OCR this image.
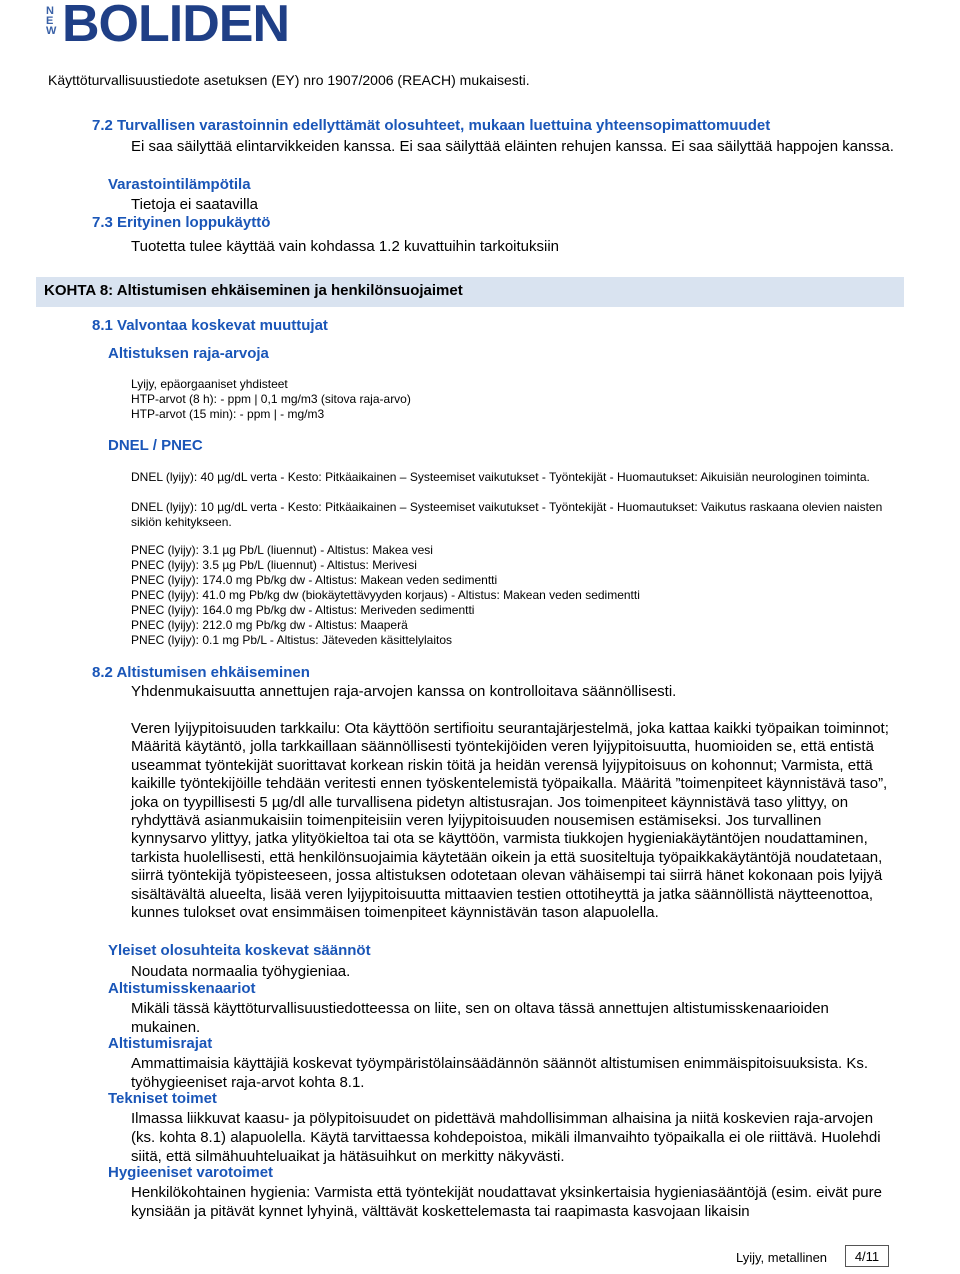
N
E
W BOLIDEN
Käyttöturvallisuustiedote asetuksen (EY) nro 1907/2006 (REACH) mukaisesti.
7.2 Turvallisen varastoinnin edellyttämät olosuhteet, mukaan luettuina yhteensopimattomuudet
Ei saa säilyttää elintarvikkeiden kanssa. Ei saa säilyttää eläinten rehujen kanssa. Ei saa säilyttää happojen kanssa.
Varastointilämpötila
Tietoja ei saatavilla
7.3 Erityinen loppukäyttö
Tuotetta tulee käyttää vain kohdassa 1.2 kuvattuihin tarkoituksiin
KOHTA 8: Altistumisen ehkäiseminen ja henkilönsuojaimet
8.1 Valvontaa koskevat muuttujat
Altistuksen raja-arvoja
Lyijy, epäorgaaniset yhdisteet
HTP-arvot (8 h): - ppm | 0,1 mg/m3 (sitova raja-arvo)
HTP-arvot (15 min): - ppm | - mg/m3
DNEL / PNEC
DNEL (lyijy): 40 µg/dL verta - Kesto: Pitkäaikainen – Systeemiset vaikutukset - Työntekijät - Huomautukset: Aikuisiän neurologinen toiminta.
DNEL (lyijy): 10 µg/dL verta - Kesto: Pitkäaikainen – Systeemiset vaikutukset - Työntekijät - Huomautukset: Vaikutus raskaana olevien naisten sikiön kehitykseen.
PNEC (lyijy): 3.1 µg Pb/L (liuennut) - Altistus: Makea vesi
PNEC (lyijy): 3.5 µg Pb/L (liuennut) - Altistus: Merivesi
PNEC (lyijy): 174.0 mg Pb/kg dw - Altistus: Makean veden sedimentti
PNEC (lyijy): 41.0 mg Pb/kg dw (biokäytettävyyden korjaus) - Altistus: Makean veden sedimentti
PNEC (lyijy): 164.0 mg Pb/kg dw - Altistus: Meriveden sedimentti
PNEC (lyijy): 212.0 mg Pb/kg dw - Altistus: Maaperä
PNEC (lyijy): 0.1 mg Pb/L - Altistus: Jäteveden käsittelylaitos
8.2 Altistumisen ehkäiseminen
Yhdenmukaisuutta annettujen raja-arvojen kanssa on kontrolloitava säännöllisesti.
Veren lyijypitoisuuden tarkkailu: Ota käyttöön sertifioitu seurantajärjestelmä, joka kattaa kaikki työpaikan toiminnot; Määritä käytäntö, jolla tarkkaillaan säännöllisesti työntekijöiden veren lyijypitoisuutta, huomioiden se, että entistä useammat työntekijät suorittavat korkean riskin töitä ja heidän verensä lyijypitoisuus on kohonnut; Varmista, että kaikille työntekijöille tehdään veritesti ennen työskentelemistä työpaikalla. Määritä ”toimenpiteet käynnistävä taso”, joka on tyypillisesti 5 µg/dl alle turvallisena pidetyn altistusrajan. Jos toimenpiteet käynnistävä taso ylittyy, on ryhdyttävä asianmukaisiin toimenpiteisiin veren lyijypitoisuuden nousemisen estämiseksi. Jos turvallinen kynnysarvo ylittyy, jatka ylityökieltoa tai ota se käyttöön, varmista tiukkojen hygieniakäytäntöjen noudattaminen, tarkista huolellisesti, että henkilönsuojaimia käytetään oikein ja että suositeltuja työpaikkakäytäntöjä noudatetaan, siirrä työntekijä työpisteeseen, jossa altistuksen odotetaan olevan vähäisempi tai siirrä hänet kokonaan pois lyijyä sisältävältä alueelta, lisää veren lyijypitoisuutta mittaavien testien ottotiheyttä ja jatka säännöllistä näytteenottoa, kunnes tulokset ovat ensimmäisen toimenpiteet käynnistävän tason alapuolella.
Yleiset olosuhteita koskevat säännöt
Noudata normaalia työhygieniaa.
Altistumisskenaariot
Mikäli tässä käyttöturvallisuustiedotteessa on liite, sen on oltava tässä annettujen altistumisskenaarioiden mukainen.
Altistumisrajat
Ammattimaisia käyttäjiä koskevat työympäristölainsäädännön säännöt altistumisen enimmäispitoisuuksista. Ks. työhygieeniset raja-arvot kohta 8.1.
Tekniset toimet
Ilmassa liikkuvat kaasu- ja pölypitoisuudet on pidettävä mahdollisimman alhaisina ja niitä koskevien raja-arvojen (ks. kohta 8.1) alapuolella. Käytä tarvittaessa kohdepoistoa, mikäli ilmanvaihto työpaikalla ei ole riittävä. Huolehdi siitä, että silmähuuhteluaikat ja hätäsuihkut on merkitty näkyvästi.
Hygieeniset varotoimet
Henkilökohtainen hygienia: Varmista että työntekijät noudattavat yksinkertaisia hygieniasääntöjä (esim. eivät pure kynsiään ja pitävät kynnet lyhyinä, välttävät koskettelemasta tai raapimasta kasvojaan likaisin
Lyijy, metallinen	4/11
